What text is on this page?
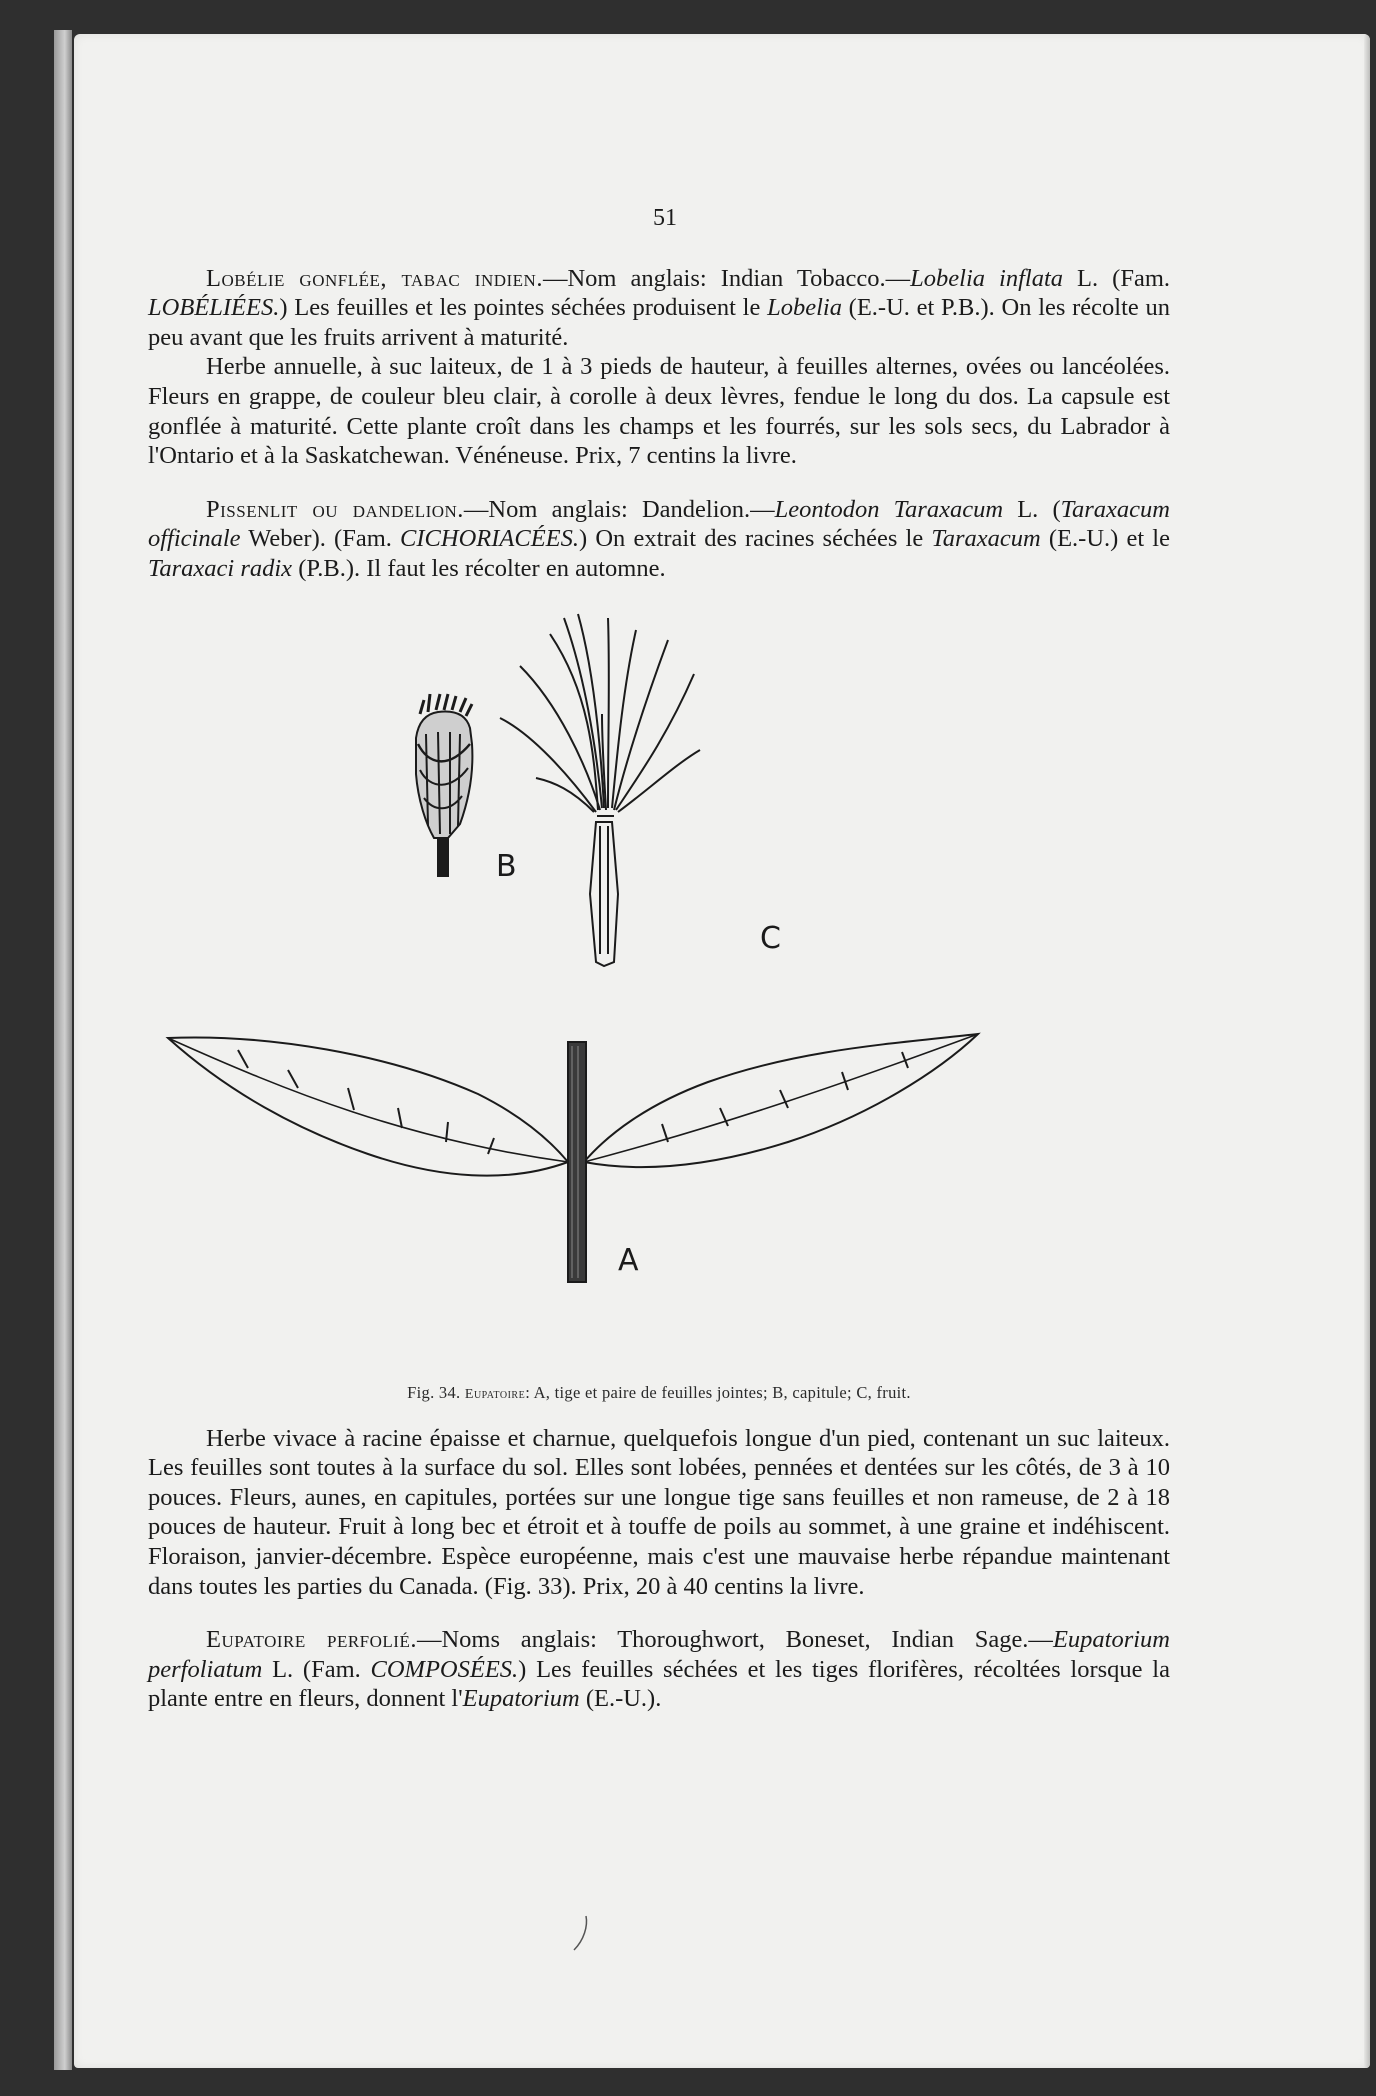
51

Lobélie gonflée, tabac indien.—Nom anglais: Indian Tobacco.—Lobelia inflata L. (Fam. LOBÉLIÉES.) Les feuilles et les pointes séchées produisent le Lobelia (E.-U. et P.B.). On les récolte un peu avant que les fruits arrivent à maturité.

Herbe annuelle, à suc laiteux, de 1 à 3 pieds de hauteur, à feuilles alternes, ovées ou lancéolées. Fleurs en grappe, de couleur bleu clair, à corolle à deux lèvres, fendue le long du dos. La capsule est gonflée à maturité. Cette plante croît dans les champs et les fourrés, sur les sols secs, du Labrador à l'Ontario et à la Saskatchewan. Vénéneuse. Prix, 7 centins la livre.

Pissenlit ou dandelion.—Nom anglais: Dandelion.—Leontodon Taraxacum L. (Taraxacum officinale Weber). (Fam. CICHORIACÉES.) On extrait des racines séchées le Taraxacum (E.-U.) et le Taraxaci radix (P.B.). Il faut les récolter en automne.

B
C
A
Fig. 34. Eupatoire: A, tige et paire de feuilles jointes; B, capitule; C, fruit.

Herbe vivace à racine épaisse et charnue, quelquefois longue d'un pied, contenant un suc laiteux. Les feuilles sont toutes à la surface du sol. Elles sont lobées, pennées et dentées sur les côtés, de 3 à 10 pouces. Fleurs, aunes, en capitules, portées sur une longue tige sans feuilles et non rameuse, de 2 à 18 pouces de hauteur. Fruit à long bec et étroit et à touffe de poils au sommet, à une graine et indéhiscent. Floraison, janvier-décembre. Espèce européenne, mais c'est une mauvaise herbe répandue maintenant dans toutes les parties du Canada. (Fig. 33). Prix, 20 à 40 centins la livre.

Eupatoire perfolié.—Noms anglais: Thoroughwort, Boneset, Indian Sage.—Eupatorium perfoliatum L. (Fam. COMPOSÉES.) Les feuilles séchées et les tiges florifères, récoltées lorsque la plante entre en fleurs, donnent l'Eupatorium (E.-U.).
